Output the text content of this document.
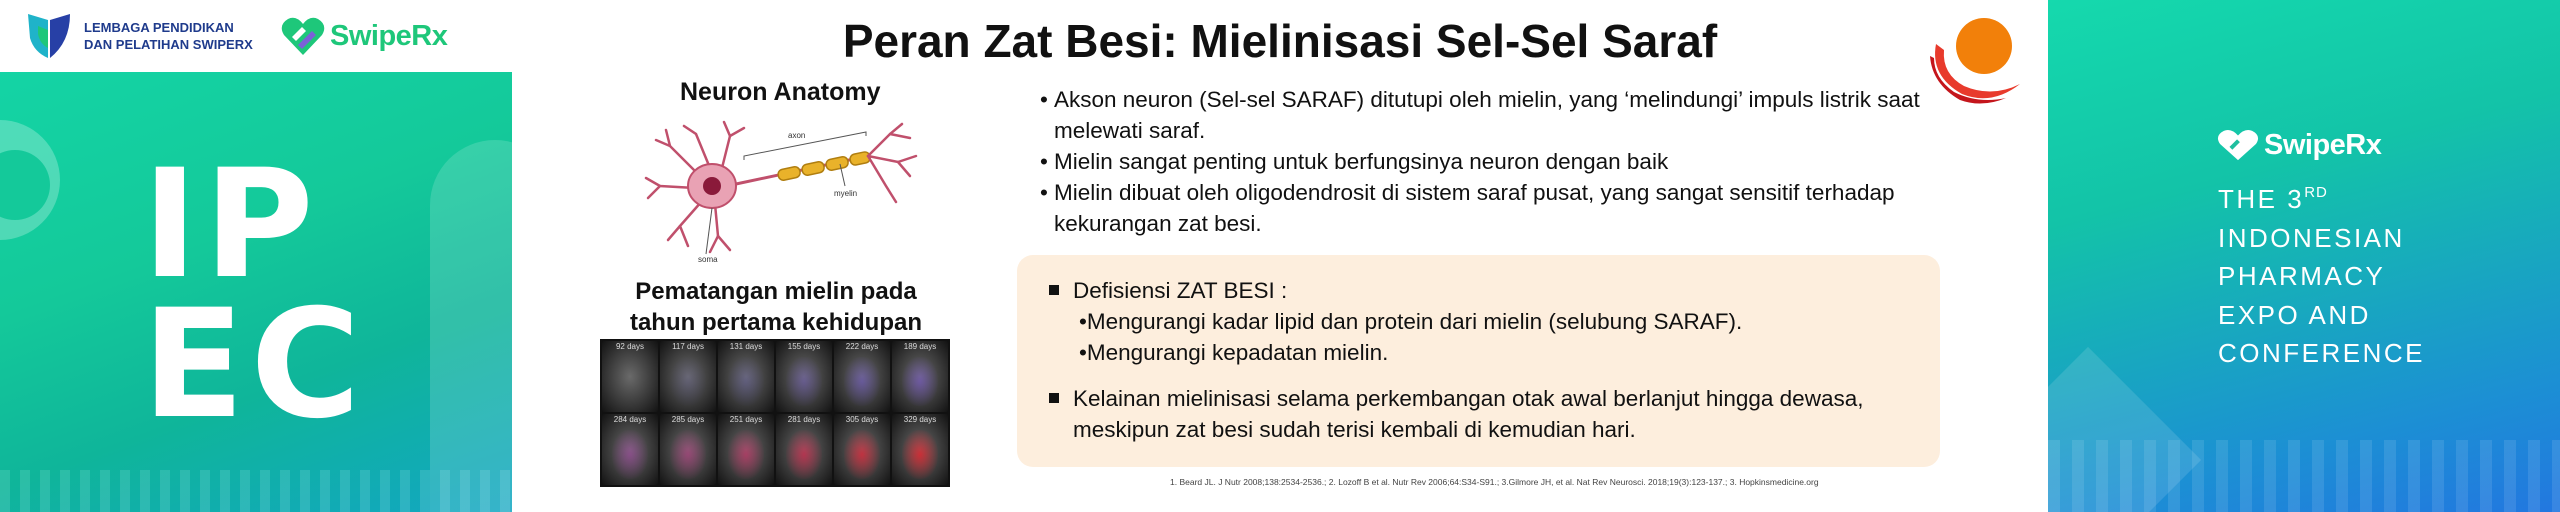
LEMBAGA PENDIDIKAN
DAN PELATIHAN SWIPERX	SwipeRx
IP
EC
Peran Zat Besi: Mielinisasi Sel-Sel Saraf
Neuron Anatomy
axon
myelin
soma
Pematangan mielin pada tahun pertama kehidupan
92 days	117 days	131 days	155 days	222 days	189 days
284 days	285 days	251 days	281 days	305 days	329 days
• Akson neuron (Sel-sel SARAF) ditutupi oleh mielin, yang ‘melindungi’ impuls listrik saat melewati saraf.
• Mielin sangat penting untuk berfungsinya neuron dengan baik
• Mielin dibuat oleh oligodendrosit di sistem saraf pusat, yang sangat sensitif terhadap kekurangan zat besi.
Defisiensi ZAT BESI :
•Mengurangi kadar lipid dan protein dari mielin (selubung SARAF).
•Mengurangi kepadatan mielin.
Kelainan mielinisasi selama perkembangan otak awal berlanjut hingga dewasa, meskipun zat besi sudah terisi kembali di kemudian hari.
1. Beard JL. J Nutr 2008;138:2534-2536.; 2. Lozoff B et al. Nutr Rev 2006;64:S34-S91.; 3.Gilmore JH, et al. Nat Rev Neurosci. 2018;19(3):123-137.; 3. Hopkinsmedicine.org
SwipeRx
THE 3RD
INDONESIAN
PHARMACY
EXPO AND
CONFERENCE
